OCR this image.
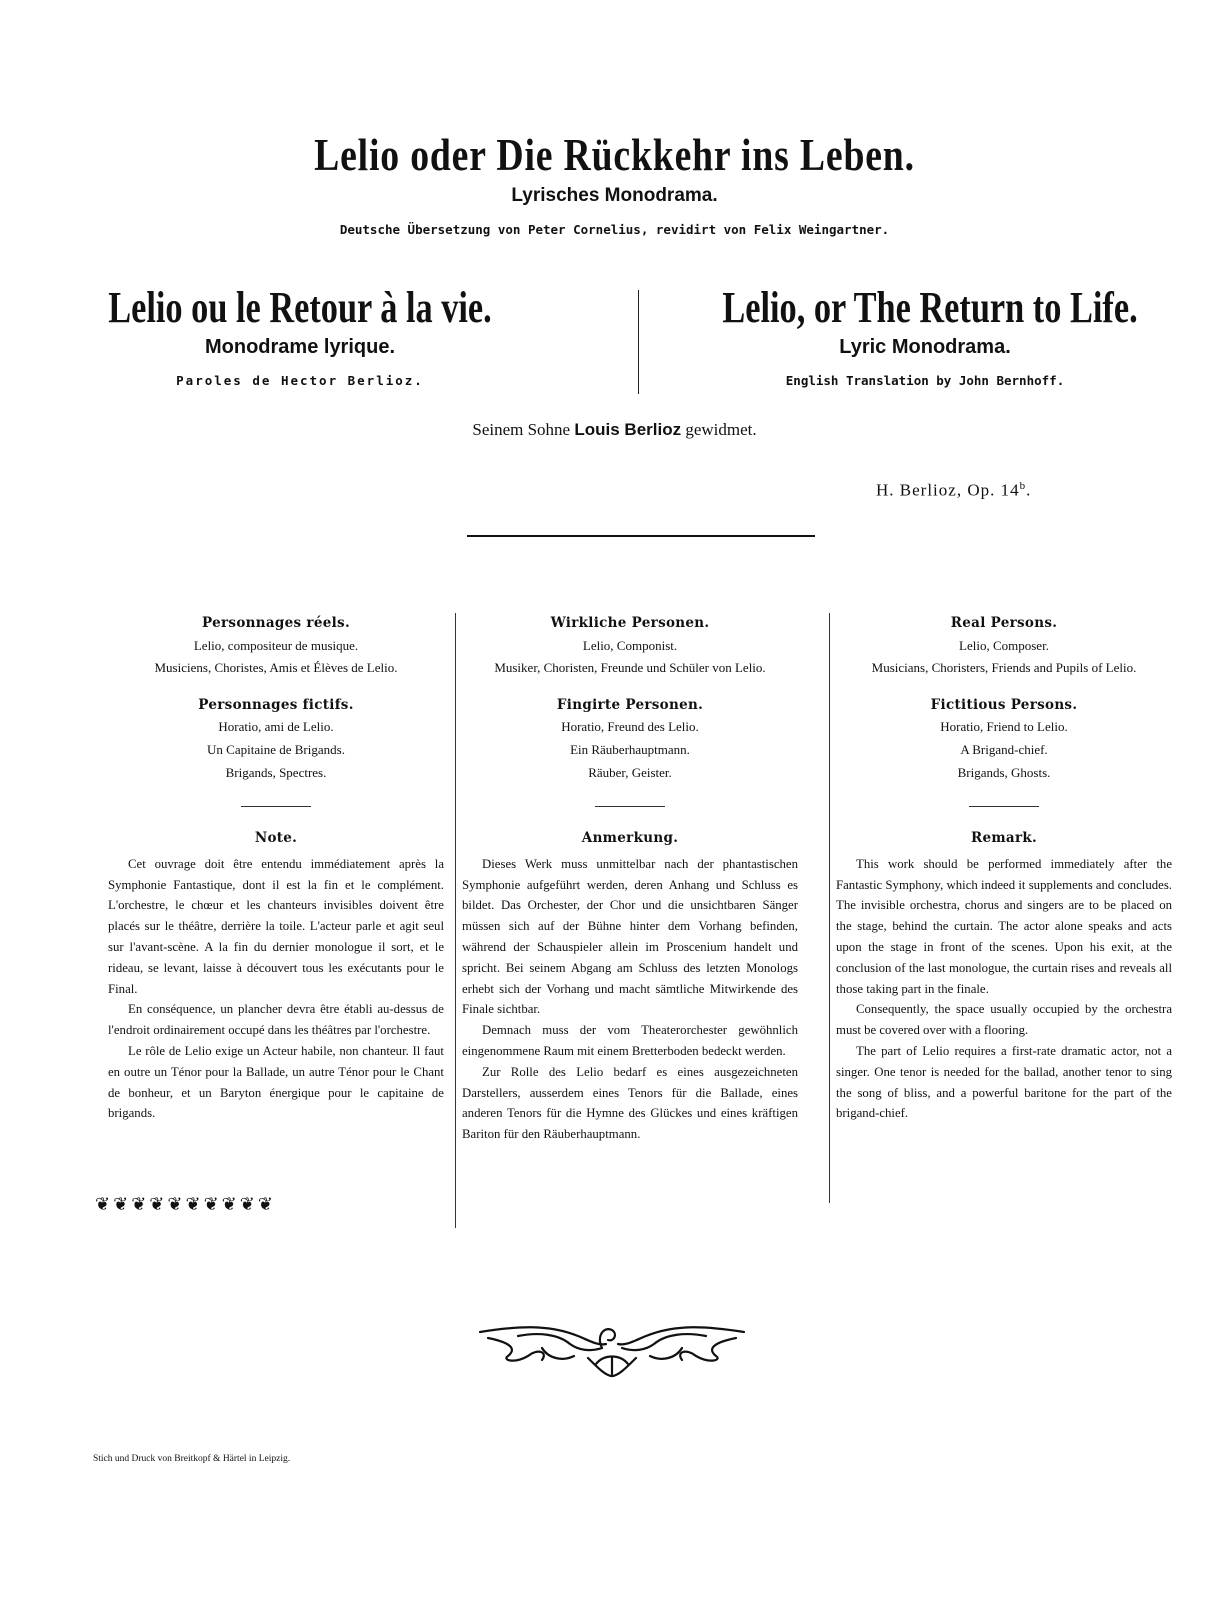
Lelio oder Die Rückkehr ins Leben.
Lyrisches Monodrama.
Deutsche Übersetzung von Peter Cornelius, revidirt von Felix Weingartner.
Lelio ou le Retour à la vie.	Lelio, or The Return to Life.
Monodrame lyrique.	Lyric Monodrama.
Paroles de Hector Berlioz.	English Translation by John Bernhoff.
Seinem Sohne Louis Berlioz gewidmet.
H. Berlioz, Op. 14$^b$.
Personnages réels.
Lelio, compositeur de musique.
Musiciens, Choristes, Amis et Élèves de Lelio.
Personnages fictifs.
Horatio, ami de Lelio.
Un Capitaine de Brigands.
Brigands, Spectres.
Note.

Cet ouvrage doit être entendu immédiatement après la Symphonie Fantastique, dont il est la fin et le complément. L'orchestre, le chœur et les chanteurs invisibles doivent être placés sur le théâtre, derrière la toile. L'acteur parle et agit seul sur l'avant-scène. A la fin du dernier monologue il sort, et le rideau, se levant, laisse à découvert tous les exécutants pour le Final.

En conséquence, un plancher devra être établi au-dessus de l'endroit ordinairement occupé dans les théâtres par l'orchestre.

Le rôle de Lelio exige un Acteur habile, non chanteur. Il faut en outre un Ténor pour la Ballade, un autre Ténor pour le Chant de bonheur, et un Baryton énergique pour le capitaine de brigands.

Wirkliche Personen.
Lelio, Componist.
Musiker, Choristen, Freunde und Schüler von Lelio.
Fingirte Personen.
Horatio, Freund des Lelio.
Ein Räuberhauptmann.
Räuber, Geister.
Anmerkung.

Dieses Werk muss unmittelbar nach der phantastischen Symphonie aufgeführt werden, deren Anhang und Schluss es bildet. Das Orchester, der Chor und die unsichtbaren Sänger müssen sich auf der Bühne hinter dem Vorhang befinden, während der Schauspieler allein im Proscenium handelt und spricht. Bei seinem Abgang am Schluss des letzten Monologs erhebt sich der Vorhang und macht sämtliche Mitwirkende des Finale sichtbar.

Demnach muss der vom Theaterorchester gewöhnlich eingenommene Raum mit einem Bretterboden bedeckt werden.

Zur Rolle des Lelio bedarf es eines ausgezeichneten Darstellers, ausserdem eines Tenors für die Ballade, eines anderen Tenors für die Hymne des Glückes und eines kräftigen Bariton für den Räuberhauptmann.

Real Persons.
Lelio, Composer.
Musicians, Choristers, Friends and Pupils of Lelio.
Fictitious Persons.
Horatio, Friend to Lelio.
A Brigand-chief.
Brigands, Ghosts.
Remark.

This work should be performed immediately after the Fantastic Symphony, which indeed it supplements and concludes. The invisible orchestra, chorus and singers are to be placed on the stage, behind the curtain. The actor alone speaks and acts upon the stage in front of the scenes. Upon his exit, at the conclusion of the last monologue, the curtain rises and reveals all those taking part in the finale.

Consequently, the space usually occupied by the orchestra must be covered over with a flooring.

The part of Lelio requires a first-rate dramatic actor, not a singer. One tenor is needed for the ballad, another tenor to sing the song of bliss, and a powerful baritone for the part of the brigand-chief.

❦ ❦ ❦ ❦ ❦ ❦ ❦ ❦ ❦ ❦
Stich und Druck von Breitkopf & Härtel in Leipzig.
